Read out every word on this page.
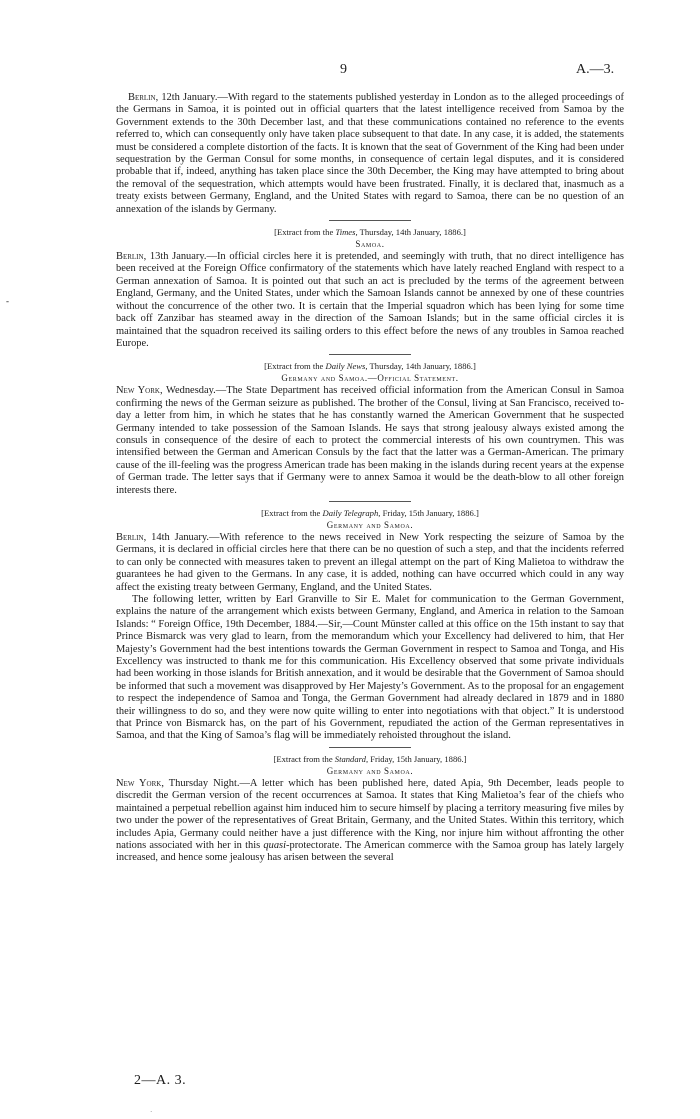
9	A.—3.
-

Berlin, 12th January.—With regard to the statements published yesterday in London as to the alleged proceedings of the Germans in Samoa, it is pointed out in official quarters that the latest intelligence received from Samoa by the Government extends to the 30th December last, and that these communications contained no reference to the events referred to, which can consequently only have taken place subsequent to that date. In any case, it is added, the statements must be considered a complete distortion of the facts. It is known that the seat of Government of the King had been under sequestration by the German Consul for some months, in consequence of certain legal disputes, and it is considered probable that if, indeed, anything has taken place since the 30th December, the King may have attempted to bring about the removal of the sequestration, which attempts would have been frustrated. Finally, it is declared that, inasmuch as a treaty exists between Germany, England, and the United States with regard to Samoa, there can be no question of an annexation of the islands by Germany.

[Extract from the Times, Thursday, 14th January, 1886.]
Samoa.

Berlin, 13th January.—In official circles here it is pretended, and seemingly with truth, that no direct intelligence has been received at the Foreign Office confirmatory of the statements which have lately reached England with respect to a German annexation of Samoa. It is pointed out that such an act is precluded by the terms of the agreement between England, Germany, and the United States, under which the Samoan Islands cannot be annexed by one of these countries without the concurrence of the other two. It is certain that the Imperial squadron which has been lying for some time back off Zanzibar has steamed away in the direction of the Samoan Islands; but in the same official circles it is maintained that the squadron received its sailing orders to this effect before the news of any troubles in Samoa reached Europe.

[Extract from the Daily News, Thursday, 14th January, 1886.]
Germany and Samoa.—Official Statement.

New York, Wednesday.—The State Department has received official information from the American Consul in Samoa confirming the news of the German seizure as published. The brother of the Consul, living at San Francisco, received to-day a letter from him, in which he states that he has constantly warned the American Government that he suspected Germany intended to take possession of the Samoan Islands. He says that strong jealousy always existed among the consuls in consequence of the desire of each to protect the commercial interests of his own countrymen. This was intensified between the German and American Consuls by the fact that the latter was a German-American. The primary cause of the ill-feeling was the progress American trade has been making in the islands during recent years at the expense of German trade. The letter says that if Germany were to annex Samoa it would be the death-blow to all other foreign interests there.

[Extract from the Daily Telegraph, Friday, 15th January, 1886.]
Germany and Samoa.

Berlin, 14th January.—With reference to the news received in New York respecting the seizure of Samoa by the Germans, it is declared in official circles here that there can be no question of such a step, and that the incidents referred to can only be connected with measures taken to prevent an illegal attempt on the part of King Malietoa to withdraw the guarantees he had given to the Germans. In any case, it is added, nothing can have occurred which could in any way affect the existing treaty between Germany, England, and the United States.

The following letter, written by Earl Granville to Sir E. Malet for communication to the German Government, explains the nature of the arrangement which exists between Germany, England, and America in relation to the Samoan Islands: “ Foreign Office, 19th December, 1884.—Sir,—Count Münster called at this office on the 15th instant to say that Prince Bismarck was very glad to learn, from the memorandum which your Excellency had delivered to him, that Her Majesty’s Government had the best intentions towards the German Government in respect to Samoa and Tonga, and His Excellency was instructed to thank me for this communication. His Excellency observed that some private individuals had been working in those islands for British annexation, and it would be desirable that the Government of Samoa should be informed that such a movement was disapproved by Her Majesty’s Government. As to the proposal for an engagement to respect the independence of Samoa and Tonga, the German Government had already declared in 1879 and in 1880 their willingness to do so, and they were now quite willing to enter into negotiations with that object.” It is understood that Prince von Bismarck has, on the part of his Government, repudiated the action of the German representatives in Samoa, and that the King of Samoa’s flag will be immediately rehoisted throughout the island.

[Extract from the Standard, Friday, 15th January, 1886.]
Germany and Samoa.

New York, Thursday Night.—A letter which has been published here, dated Apia, 9th December, leads people to discredit the German version of the recent occurrences at Samoa. It states that King Malietoa’s fear of the chiefs who maintained a perpetual rebellion against him induced him to secure himself by placing a territory measuring five miles by two under the power of the representatives of Great Britain, Germany, and the United States. Within this territory, which includes Apia, Germany could neither have a just difference with the King, nor injure him without affronting the other nations associated with her in this quasi-protectorate. The American commerce with the Samoa group has lately largely increased, and hence some jealousy has arisen between the several

2—A. 3.
·
